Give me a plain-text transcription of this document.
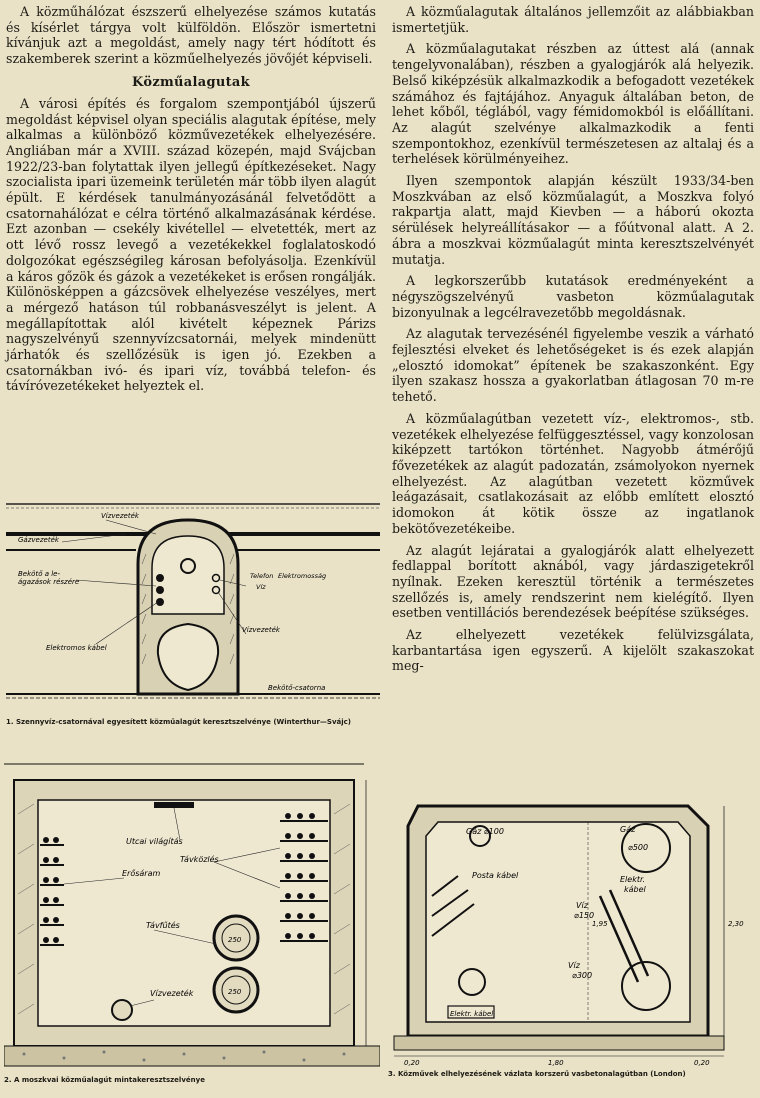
A közműhálózat észszerű elhelyezése számos kutatás és kísérlet tárgya volt külföldön. Először ismertetni kívánjuk azt a megoldást, amely nagy tért hódított és szakemberek szerint a közműelhelyezés jövőjét képviseli.

Közműalagutak

A városi építés és forgalom szempontjából újszerű megoldást képvisel olyan speciális alagutak építése, mely alkalmas a különböző közművezetékek elhelyezésére. Angliában már a XVIII. század közepén, majd Svájcban 1922/23-ban folytattak ilyen jellegű építkezéseket. Nagy szocialista ipari üzemeink területén már több ilyen alagút épült. E kérdések tanulmányozásánál felvetődött a csatornahálózat e célra történő alkalmazásának kérdése. Ezt azonban — csekély kivétellel — elvetették, mert az ott lévő rossz levegő a vezetékekkel foglalatoskodó dolgozókat egészségileg károsan befolyásolja. Ezenkívül a káros gőzök és gázok a vezetékeket is erősen rongálják. Különösképpen a gázcsövek elhelyezése veszélyes, mert a mérgező hatáson túl robbanásveszélyt is jelent. A megállapítottak alól kivételt képeznek Párizs nagyszelvényű szennyvízcsatornái, melyek mindenütt járhatók és szellőzésük is igen jó. Ezekben a csatornákban ivó- és ipari víz, továbbá telefon- és távíróvezetékeket helyeztek el.

A közműalagutak általános jellemzőit az alábbiakban ismertetjük.

A közműalagutakat részben az úttest alá (annak tengelyvonalában), részben a gyalogjárók alá helyezik. Belső kiképzésük alkalmazkodik a befogadott vezetékek számához és fajtájához. Anyaguk általában beton, de lehet kőből, téglából, vagy fémidomokból is előállítani. Az alagút szelvénye alkalmazkodik a fenti szempontokhoz, ezenkívül természetesen az altalaj és a terhelések körülményeihez.

Ilyen szempontok alapján készült 1933/34-ben Moszkvában az első közműalagút, a Moszkva folyó rakpartja alatt, majd Kievben — a háború okozta sérülések helyreállításakor — a főútvonal alatt. A 2. ábra a moszkvai közműalagút minta keresztszelvényét mutatja.

A legkorszerűbb kutatások eredményeként a négyszögszelvényű vasbeton közműalagutak bizonyulnak a legcélravezetőbb megoldásnak.

Az alagutak tervezésénél figyelembe veszik a várható fejlesztési elveket és lehetőségeket is és ezek alapján „elosztó idomokat” építenek be szakaszonként. Egy ilyen szakasz hossza a gyakorlatban átlagosan 70 m-re tehető.

A közműalagútban vezetett víz-, elektromos-, stb. vezetékek elhelyezése felfüggesztéssel, vagy konzolosan kiképzett tartókon történhet. Nagyobb átmérőjű fővezetékek az alagút padozatán, zsámolyokon nyernek elhelyezést. Az alagútban vezetett közművek leágazásait, csatlakozásait az előbb említett elosztó idomokon át kötik össze az ingatlanok bekötővezetékeibe.

Az alagút lejáratai a gyalogjárók alatt elhelyezett fedlappal borított aknából, vagy járdaszigetekről nyílnak. Ezeken keresztül történik a természetes szellőzés is, amely rendszerint nem kielégítő. Ilyen esetben ventillációs berendezések beépítése szükséges.

Az elhelyezett vezetékek felülvizsgálata, karbantartása igen egyszerű. A kijelölt szakaszokat meg-

Vízvezeték
Gázvezeték
Bekötő a le- ágazások részére
Telefon Elektromosság
Víz
Elektromos kábel
Vízvezeték
Bekötő-csatorna
1. Szennyvíz-csatornával egyesített közműalagút keresztszelvénye (Winterthur—Svájc)
Utcai világítás
Távközlés
Erősáram
Távfűtés
Vízvezeték
250
250
2. A moszkvai közműalagút mintakeresztszelvénye
Gáz ⌀100	Gáz
⌀500
Posta kábel	Elektr.
kábel
Víz
⌀150
Víz
⌀300
Elektr. kábel
1,95	2,30
0,20	1,80	0,20
3. Közművek elhelyezésének vázlata korszerű vasbetonalagútban (London)
